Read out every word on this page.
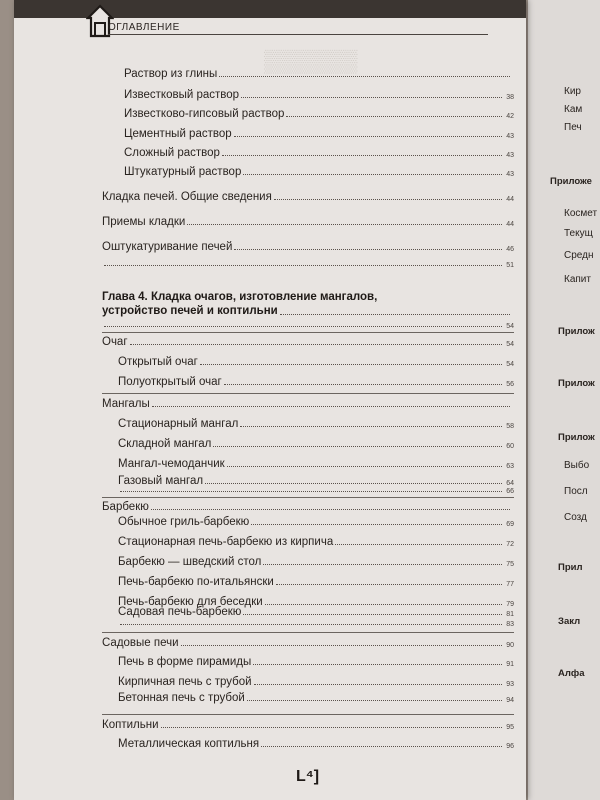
Кир
Кам
Печ
Приложе
Космет
Текущ
Средн
Капит
Прилож
Прилож
Прилож
Выбо
Посл
Созд
Прил
Закл
Алфа
ОГЛАВЛЕНИЕ
▒▒▒▒▒▒
Раствор из глины
Известковый раствор	38
Известково-гипсовый раствор	42
Цементный раствор	43
Сложный раствор	43
Штукатурный раствор	43
Кладка печей. Общие сведения	44
Приемы кладки	44
Оштукатуривание печей	46
51
Глава 4. Кладка очагов, изготовление мангалов,
устройство печей и коптильни
54
Очаг	54
Открытый очаг	54
Полуоткрытый очаг	56
Мангалы
Стационарный мангал	58
Складной мангал	60
Мангал-чемоданчик	63
Газовый мангал	64
66
Барбекю
Обычное гриль-барбекю	69
Стационарная печь-барбекю из кирпича	72
Барбекю — шведский стол	75
Печь-барбекю по-итальянски	77
Печь-барбекю для беседки	79
Садовая печь-барбекю	81
83
Садовые печи	90
Печь в форме пирамиды	91
Кирпичная печь с трубой	93
Бетонная печь с трубой	94
Коптильни	95
Металлическая коптильня	96
L⁴]
